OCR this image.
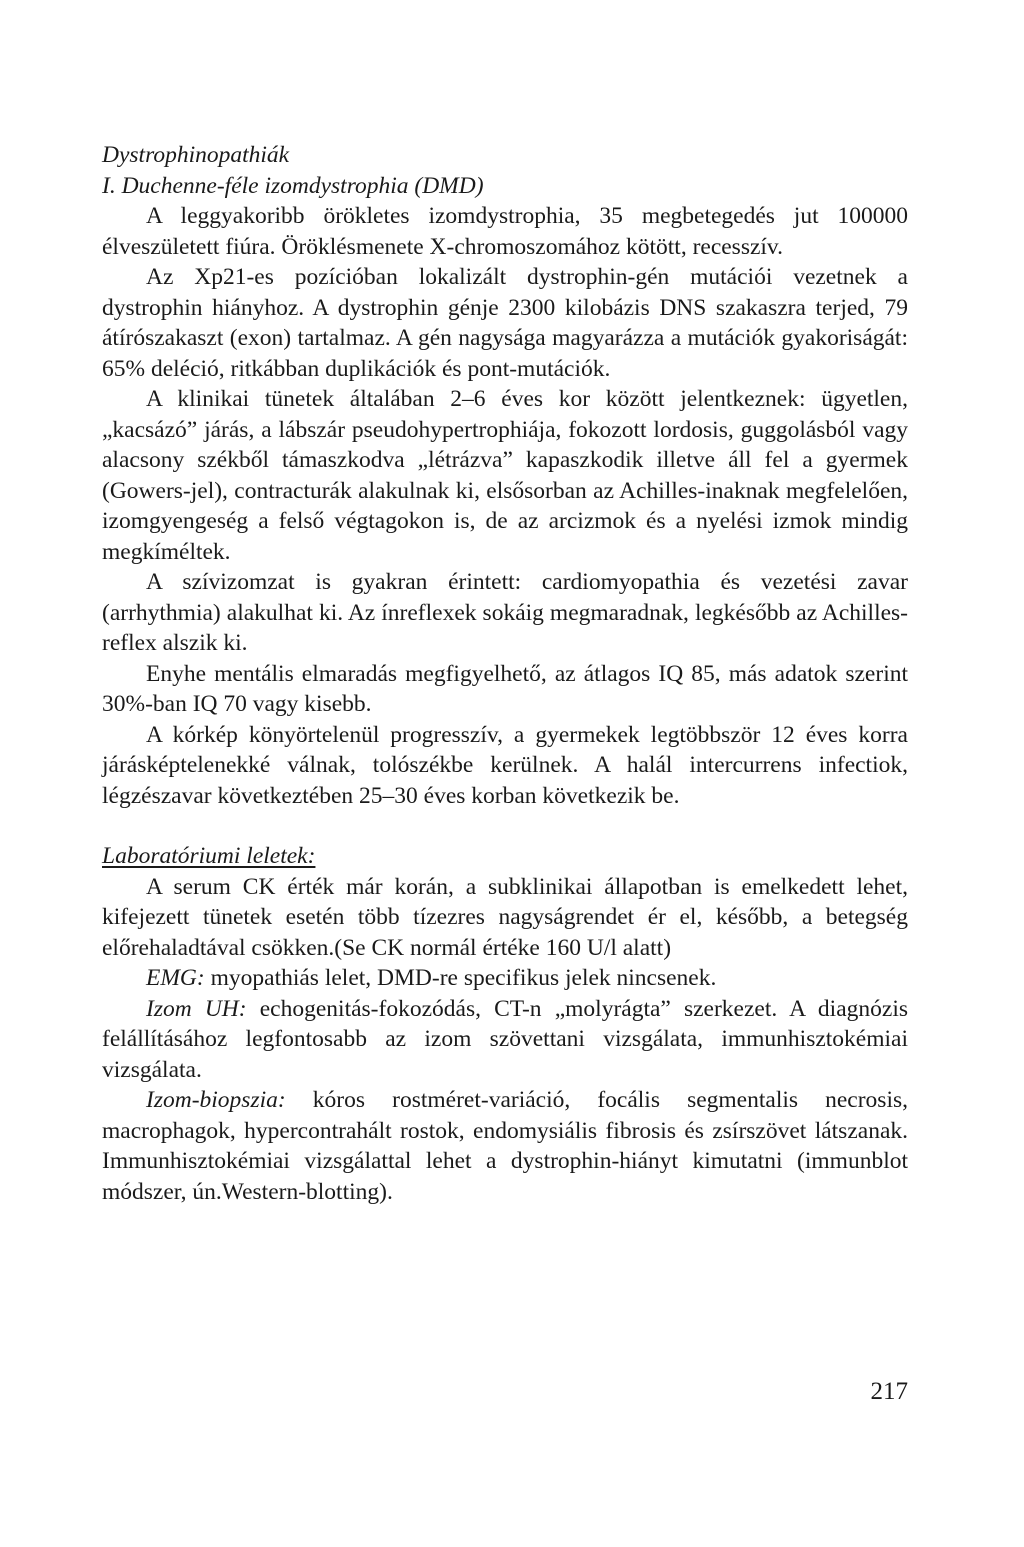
Dystrophinopathiák
I. Duchenne-féle izomdystrophia (DMD)

A leggyakoribb örökletes izomdystrophia, 35 megbetegedés jut 100000 élveszületett fiúra. Öröklésmenete X-chromoszomához kötött, recesszív.

Az Xp21-es pozícióban lokalizált dystrophin-gén mutációi vezetnek a dystrophin hiányhoz. A dystrophin génje 2300 kilobázis DNS szakaszra terjed, 79 átírószakaszt (exon) tartalmaz. A gén nagysága magyarázza a mutációk gyakoriságát: 65% deléció, ritkábban duplikációk és pont-mutációk.

A klinikai tünetek általában 2–6 éves kor között jelentkeznek: ügyetlen, „kacsázó” járás, a lábszár pseudohypertrophiája, fokozott lordosis, guggolásból vagy alacsony székből támaszkodva „létrázva” kapaszkodik illetve áll fel a gyermek (Gowers-jel), contracturák alakulnak ki, elsősorban az Achilles-inaknak megfelelően, izomgyengeség a felső végtagokon is, de az arcizmok és a nyelési izmok mindig megkíméltek.

A szívizomzat is gyakran érintett: cardiomyopathia és vezetési zavar (arrhythmia) alakulhat ki. Az ínreflexek sokáig megmaradnak, legkésőbb az Achilles-reflex alszik ki.

Enyhe mentális elmaradás megfigyelhető, az átlagos IQ 85, más adatok szerint 30%-ban IQ 70 vagy kisebb.

A kórkép könyörtelenül progresszív, a gyermekek legtöbbször 12 éves korra járásképtelenekké válnak, tolószékbe kerülnek. A halál intercurrens infectiok, légzészavar következtében 25–30 éves korban következik be.

Laboratóriumi leletek:

A serum CK érték már korán, a subklinikai állapotban is emelkedett lehet, kifejezett tünetek esetén több tízezres nagyságrendet ér el, később, a betegség előrehaladtával csökken.(Se CK normál értéke 160 U/l alatt)

EMG: myopathiás lelet, DMD-re specifikus jelek nincsenek.

Izom UH: echogenitás-fokozódás, CT-n „molyrágta” szerkezet. A diagnózis felállításához legfontosabb az izom szövettani vizsgálata, immunhisztokémiai vizsgálata.

Izom-biopszia: kóros rostméret-variáció, focális segmentalis necrosis, macrophagok, hypercontrahált rostok, endomysiális fibrosis és zsírszövet látszanak. Immunhisztokémiai vizsgálattal lehet a dystrophin-hiányt kimutatni (immunblot módszer, ún.Western-blotting).

217
